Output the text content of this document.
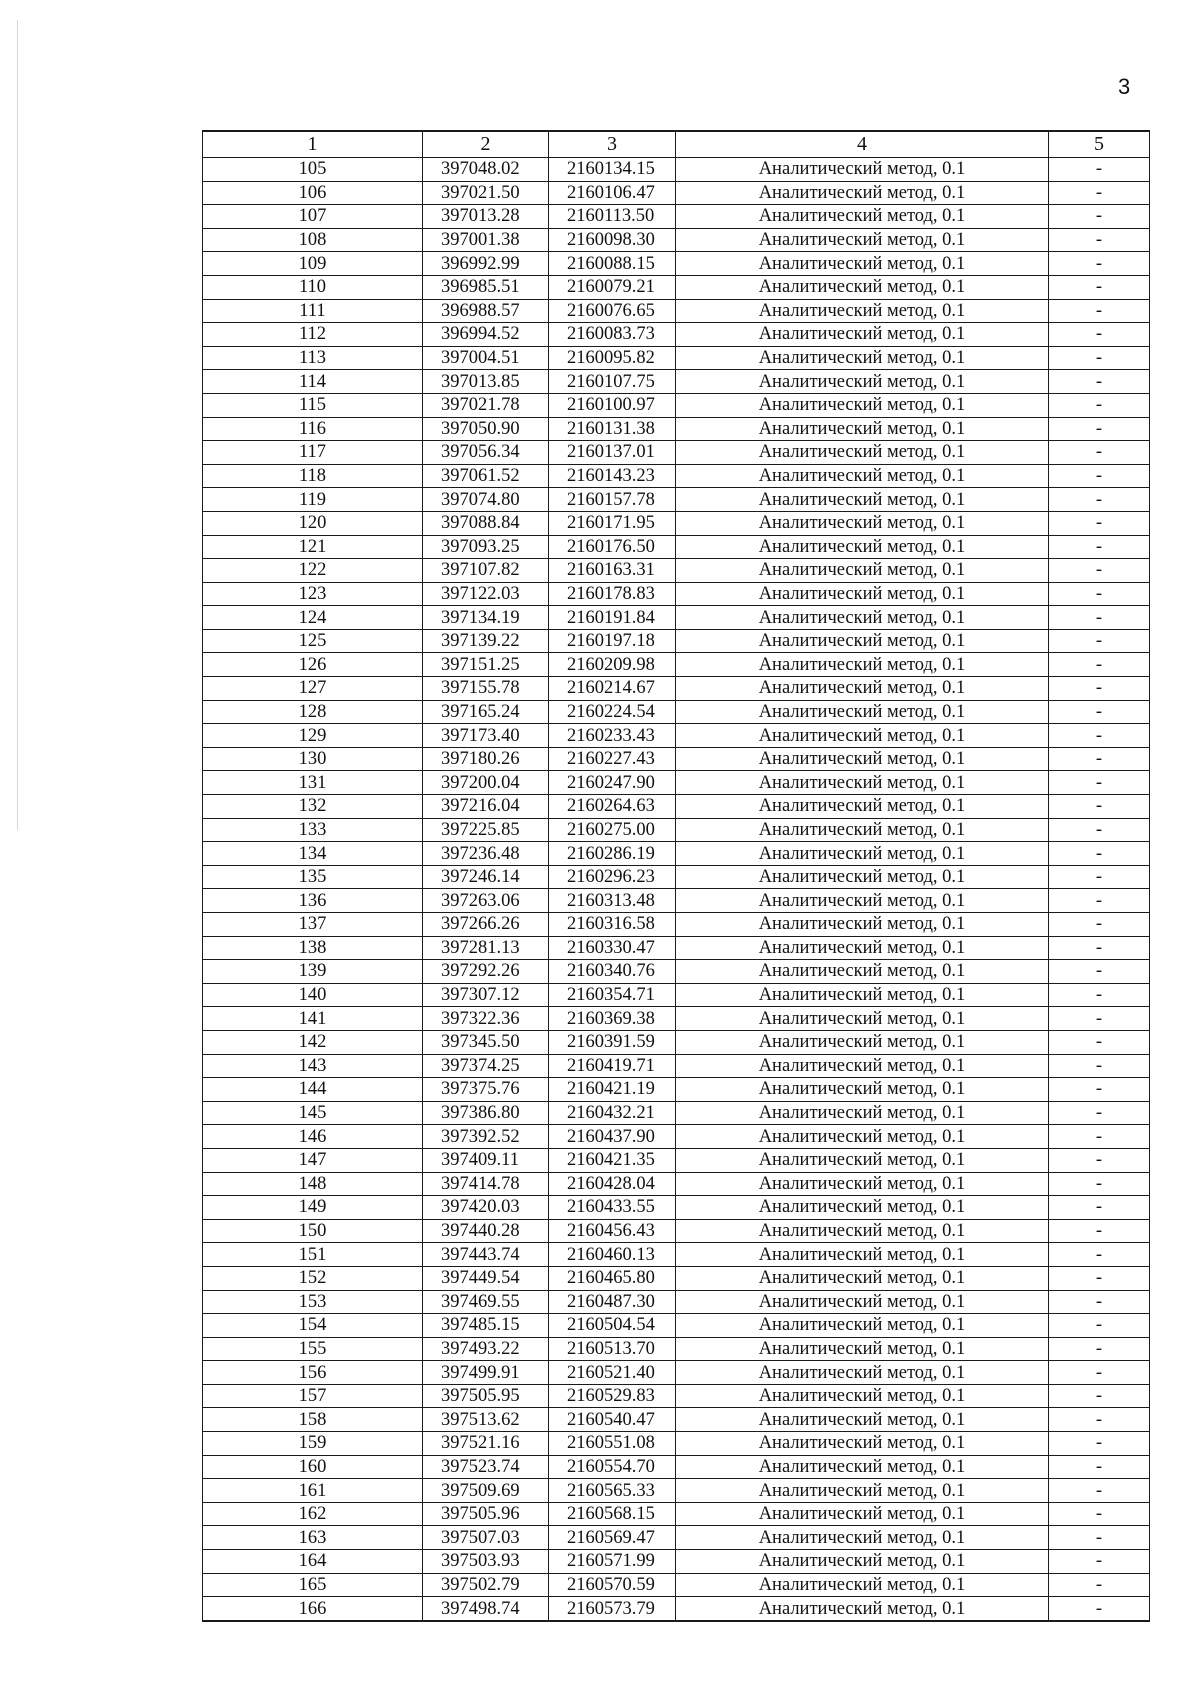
3
1	2	3	4	5
105	397048.02	2160134.15	Аналитический метод, 0.1	-
106	397021.50	2160106.47	Аналитический метод, 0.1	-
107	397013.28	2160113.50	Аналитический метод, 0.1	-
108	397001.38	2160098.30	Аналитический метод, 0.1	-
109	396992.99	2160088.15	Аналитический метод, 0.1	-
110	396985.51	2160079.21	Аналитический метод, 0.1	-
111	396988.57	2160076.65	Аналитический метод, 0.1	-
112	396994.52	2160083.73	Аналитический метод, 0.1	-
113	397004.51	2160095.82	Аналитический метод, 0.1	-
114	397013.85	2160107.75	Аналитический метод, 0.1	-
115	397021.78	2160100.97	Аналитический метод, 0.1	-
116	397050.90	2160131.38	Аналитический метод, 0.1	-
117	397056.34	2160137.01	Аналитический метод, 0.1	-
118	397061.52	2160143.23	Аналитический метод, 0.1	-
119	397074.80	2160157.78	Аналитический метод, 0.1	-
120	397088.84	2160171.95	Аналитический метод, 0.1	-
121	397093.25	2160176.50	Аналитический метод, 0.1	-
122	397107.82	2160163.31	Аналитический метод, 0.1	-
123	397122.03	2160178.83	Аналитический метод, 0.1	-
124	397134.19	2160191.84	Аналитический метод, 0.1	-
125	397139.22	2160197.18	Аналитический метод, 0.1	-
126	397151.25	2160209.98	Аналитический метод, 0.1	-
127	397155.78	2160214.67	Аналитический метод, 0.1	-
128	397165.24	2160224.54	Аналитический метод, 0.1	-
129	397173.40	2160233.43	Аналитический метод, 0.1	-
130	397180.26	2160227.43	Аналитический метод, 0.1	-
131	397200.04	2160247.90	Аналитический метод, 0.1	-
132	397216.04	2160264.63	Аналитический метод, 0.1	-
133	397225.85	2160275.00	Аналитический метод, 0.1	-
134	397236.48	2160286.19	Аналитический метод, 0.1	-
135	397246.14	2160296.23	Аналитический метод, 0.1	-
136	397263.06	2160313.48	Аналитический метод, 0.1	-
137	397266.26	2160316.58	Аналитический метод, 0.1	-
138	397281.13	2160330.47	Аналитический метод, 0.1	-
139	397292.26	2160340.76	Аналитический метод, 0.1	-
140	397307.12	2160354.71	Аналитический метод, 0.1	-
141	397322.36	2160369.38	Аналитический метод, 0.1	-
142	397345.50	2160391.59	Аналитический метод, 0.1	-
143	397374.25	2160419.71	Аналитический метод, 0.1	-
144	397375.76	2160421.19	Аналитический метод, 0.1	-
145	397386.80	2160432.21	Аналитический метод, 0.1	-
146	397392.52	2160437.90	Аналитический метод, 0.1	-
147	397409.11	2160421.35	Аналитический метод, 0.1	-
148	397414.78	2160428.04	Аналитический метод, 0.1	-
149	397420.03	2160433.55	Аналитический метод, 0.1	-
150	397440.28	2160456.43	Аналитический метод, 0.1	-
151	397443.74	2160460.13	Аналитический метод, 0.1	-
152	397449.54	2160465.80	Аналитический метод, 0.1	-
153	397469.55	2160487.30	Аналитический метод, 0.1	-
154	397485.15	2160504.54	Аналитический метод, 0.1	-
155	397493.22	2160513.70	Аналитический метод, 0.1	-
156	397499.91	2160521.40	Аналитический метод, 0.1	-
157	397505.95	2160529.83	Аналитический метод, 0.1	-
158	397513.62	2160540.47	Аналитический метод, 0.1	-
159	397521.16	2160551.08	Аналитический метод, 0.1	-
160	397523.74	2160554.70	Аналитический метод, 0.1	-
161	397509.69	2160565.33	Аналитический метод, 0.1	-
162	397505.96	2160568.15	Аналитический метод, 0.1	-
163	397507.03	2160569.47	Аналитический метод, 0.1	-
164	397503.93	2160571.99	Аналитический метод, 0.1	-
165	397502.79	2160570.59	Аналитический метод, 0.1	-
166	397498.74	2160573.79	Аналитический метод, 0.1	-
